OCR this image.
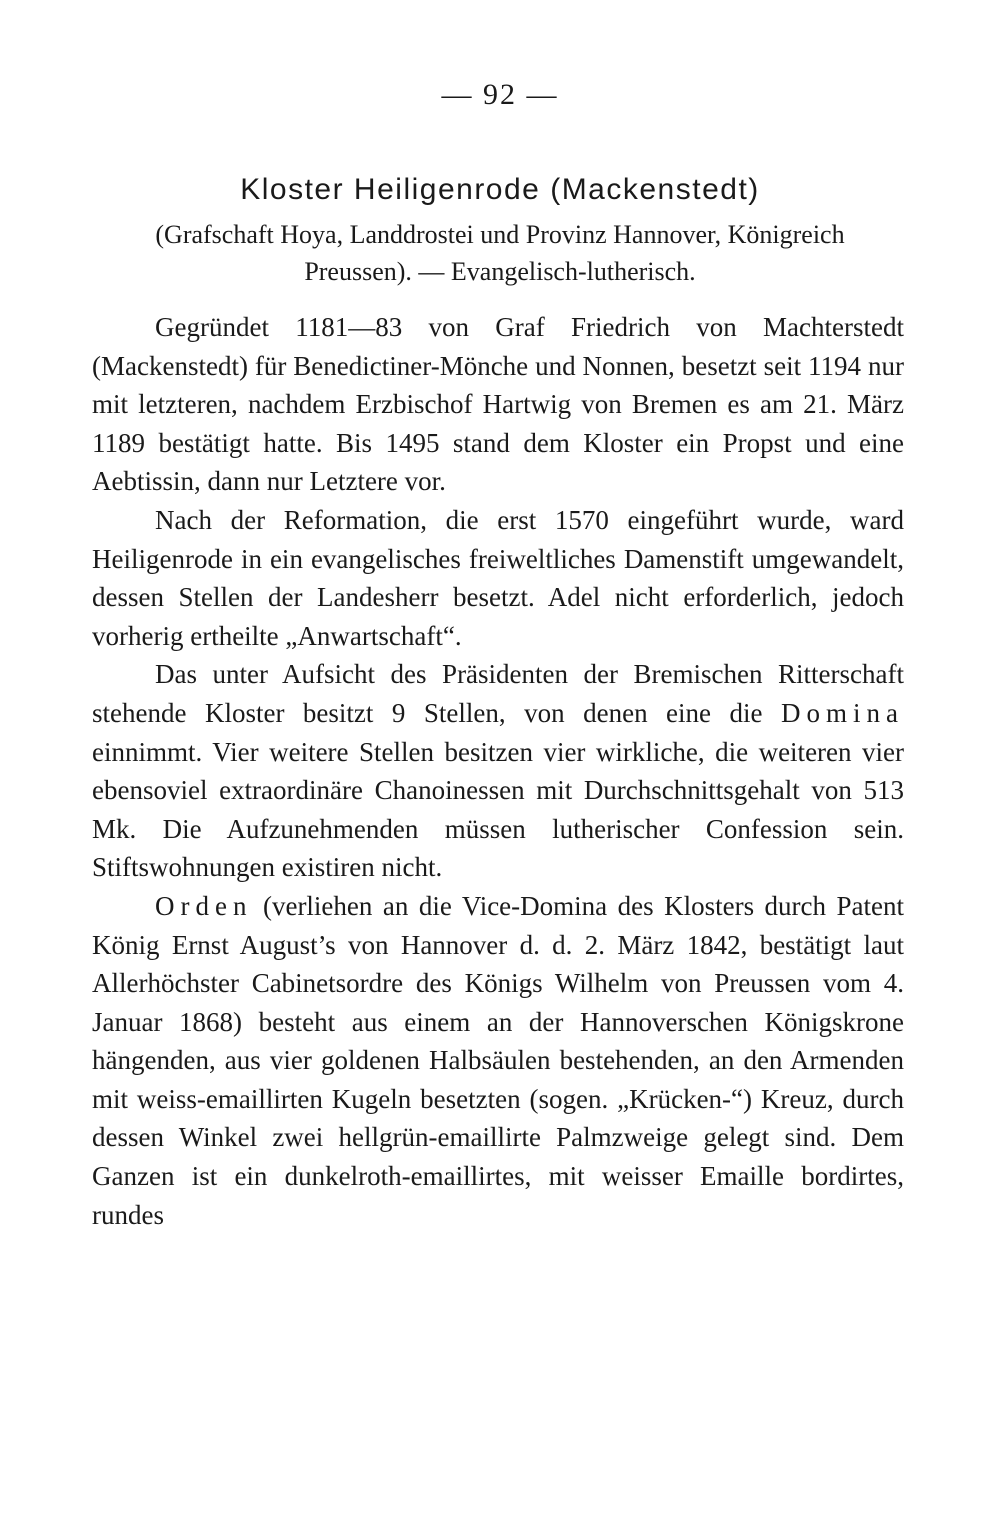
— 92 —
Kloster Heiligenrode (Mackenstedt)
(Grafschaft Hoya, Landdrostei und Provinz Hannover, Königreich
Preussen). — Evangelisch-lutherisch.

Gegründet 1181—83 von Graf Friedrich von Machterstedt (Mackenstedt) für Benedictiner-Mönche und Nonnen, besetzt seit 1194 nur mit letzteren, nachdem Erzbischof Hartwig von Bremen es am 21. März 1189 bestätigt hatte. Bis 1495 stand dem Kloster ein Propst und eine Aebtissin, dann nur Letztere vor.

Nach der Reformation, die erst 1570 eingeführt wurde, ward Heiligenrode in ein evangelisches freiweltliches Damenstift umgewandelt, dessen Stellen der Landesherr besetzt. Adel nicht erforderlich, jedoch vorherig ertheilte „Anwartschaft“.

Das unter Aufsicht des Präsidenten der Bremischen Ritterschaft stehende Kloster besitzt 9 Stellen, von denen eine die Domina einnimmt. Vier weitere Stellen besitzen vier wirkliche, die weiteren vier ebensoviel extraordinäre Chanoinessen mit Durchschnittsgehalt von 513 Mk. Die Aufzunehmenden müssen lutherischer Confession sein. Stiftswohnungen existiren nicht.

Orden (verliehen an die Vice-Domina des Klosters durch Patent König Ernst August’s von Hannover d. d. 2. März 1842, bestätigt laut Allerhöchster Cabinetsordre des Königs Wilhelm von Preussen vom 4. Januar 1868) besteht aus einem an der Hannoverschen Königskrone hängenden, aus vier goldenen Halbsäulen bestehenden, an den Armenden mit weiss-emaillirten Kugeln besetzten (sogen. „Krücken-“) Kreuz, durch dessen Winkel zwei hellgrün-emaillirte Palmzweige gelegt sind. Dem Ganzen ist ein dunkelroth-emaillirtes, mit weisser Emaille bordirtes, rundes
